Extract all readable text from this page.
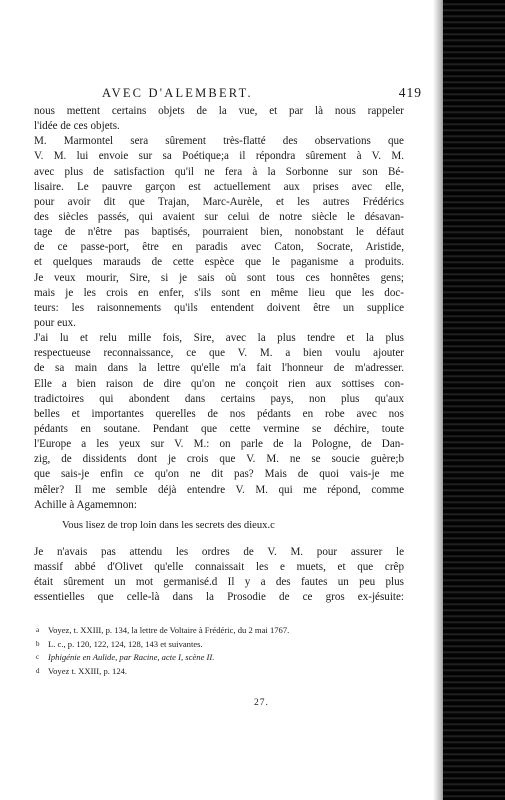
AVEC D'ALEMBERT.	419
nous mettent certains objets de la vue, et par là nous rappeler
l'idée de ces objets.
M. Marmontel sera sûrement très-flatté des observations que
V. M. lui envoie sur sa Poétique;a il répondra sûrement à V. M.
avec plus de satisfaction qu'il ne fera à la Sorbonne sur son Bé-
lisaire. Le pauvre garçon est actuellement aux prises avec elle,
pour avoir dit que Trajan, Marc-Aurèle, et les autres Frédérics
des siècles passés, qui avaient sur celui de notre siècle le désavan-
tage de n'être pas baptisés, pourraient bien, nonobstant le défaut
de ce passe-port, être en paradis avec Caton, Socrate, Aristide,
et quelques marauds de cette espèce que le paganisme a produits.
Je veux mourir, Sire, si je sais où sont tous ces honnêtes gens;
mais je les crois en enfer, s'ils sont en même lieu que les doc-
teurs: les raisonnements qu'ils entendent doivent être un supplice
pour eux.
J'ai lu et relu mille fois, Sire, avec la plus tendre et la plus
respectueuse reconnaissance, ce que V. M. a bien voulu ajouter
de sa main dans la lettre qu'elle m'a fait l'honneur de m'adresser.
Elle a bien raison de dire qu'on ne conçoit rien aux sottises con-
tradictoires qui abondent dans certains pays, non plus qu'aux
belles et importantes querelles de nos pédants en robe avec nos
pédants en soutane. Pendant que cette vermine se déchire, toute
l'Europe a les yeux sur V. M.: on parle de la Pologne, de Dan-
zig, de dissidents dont je crois que V. M. ne se soucie guère;b
que sais-je enfin ce qu'on ne dit pas? Mais de quoi vais-je me
mêler? Il me semble déjà entendre V. M. qui me répond, comme
Achille à Agamemnon:
Vous lisez de trop loin dans les secrets des dieux.c
Je n'avais pas attendu les ordres de V. M. pour assurer le
massif abbé d'Olivet qu'elle connaissait les e muets, et que crêp
était sûrement un mot germanisé.d Il y a des fautes un peu plus
essentielles que celle-là dans la Prosodie de ce gros ex-jésuite:
a Voyez, t. XXIII, p. 134, la lettre de Voltaire à Frédéric, du 2 mai 1767.
b L. c., p. 120, 122, 124, 128, 143 et suivantes.
c Iphigénie en Aulide, par Racine, acte I, scène II.
d Voyez t. XXIII, p. 124.
27.
